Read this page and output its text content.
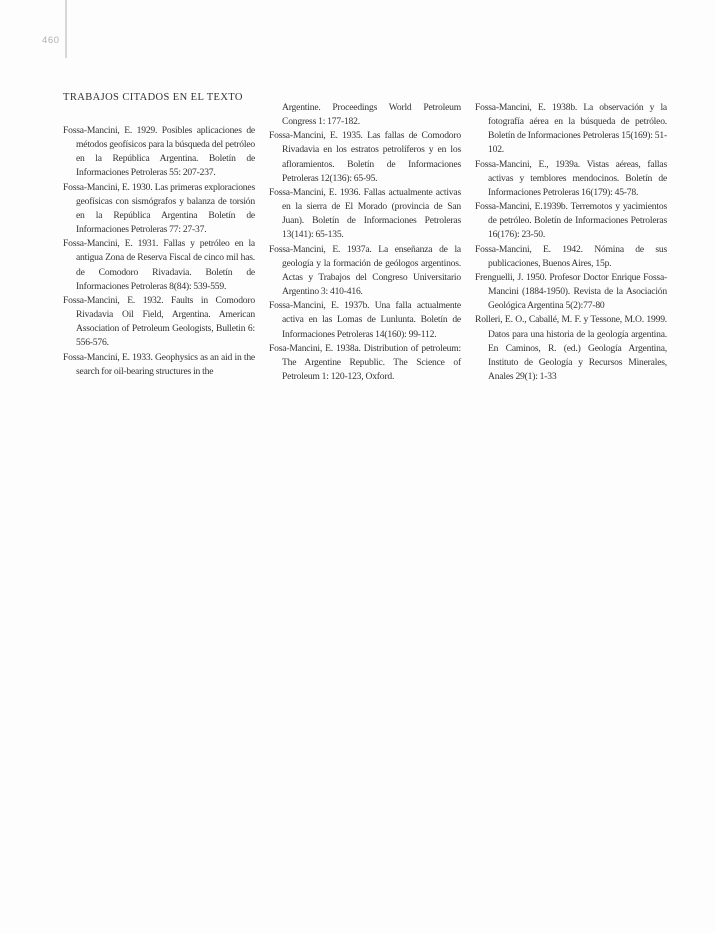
460
TRABAJOS CITADOS EN EL TEXTO

Fossa-Mancini, E. 1929. Posibles aplicaciones de métodos geofísicos para la búsqueda del petróleo en la República Argentina. Boletín de Informaciones Petroleras 55: 207-237.

Fossa-Mancini, E. 1930. Las primeras exploraciones geofísicas con sismógrafos y balanza de torsión en la República Argentina Boletín de Informaciones Petroleras 77: 27-37.

Fossa-Mancini, E. 1931. Fallas y petróleo en la antigua Zona de Reserva Fiscal de cinco mil has. de Comodoro Rivadavia. Boletín de Informaciones Petroleras 8(84): 539-559.

Fossa-Mancini, E. 1932. Faults in Comodoro Rivadavia Oil Field, Argentina. American Association of Petroleum Geologists, Bulletin 6: 556-576.

Fossa-Mancini, E. 1933. Geophysics as an aid in the search for oil-bearing structures in the

Argentine. Proceedings World Petroleum Congress 1: 177-182.

Fossa-Mancini, E. 1935. Las fallas de Comodoro Rivadavia en los estratos petrolíferos y en los afloramientos. Boletín de Informaciones Petroleras 12(136): 65-95.

Fossa-Mancini, E. 1936. Fallas actualmente activas en la sierra de El Morado (provincia de San Juan). Boletín de Informaciones Petroleras 13(141): 65-135.

Fossa-Mancini, E. 1937a. La enseñanza de la geología y la formación de geólogos argentinos. Actas y Trabajos del Congreso Universitario Argentino 3: 410-416.

Fossa-Mancini, E. 1937b. Una falla actualmente activa en las Lomas de Lunlunta. Boletín de Informaciones Petroleras 14(160): 99-112.

Fosa-Mancini, E. 1938a. Distribution of petroleum: The Argentine Republic. The Science of Petroleum 1: 120-123, Oxford.

Fossa-Mancini, E. 1938b. La observación y la fotografía aérea en la búsqueda de petróleo. Boletín de Informaciones Petroleras 15(169): 51-102.

Fossa-Mancini, E., 1939a. Vistas aéreas, fallas activas y temblores mendocinos. Boletín de Informaciones Petroleras 16(179): 45-78.

Fossa-Mancini, E.1939b. Terremotos y yacimientos de petróleo. Boletín de Informaciones Petroleras 16(176): 23-50.

Fossa-Mancini, E. 1942. Nómina de sus publicaciones, Buenos Aires, 15p.

Frenguelli, J. 1950. Profesor Doctor Enrique Fossa-Mancini (1884-1950). Revista de la Asociación Geológica Argentina 5(2):77-80

Rolleri, E. O., Caballé, M. F. y Tessone, M.O. 1999. Datos para una historia de la geología argentina. En Caminos, R. (ed.) Geología Argentina, Instituto de Geología y Recursos Minerales, Anales 29(1): 1-33
